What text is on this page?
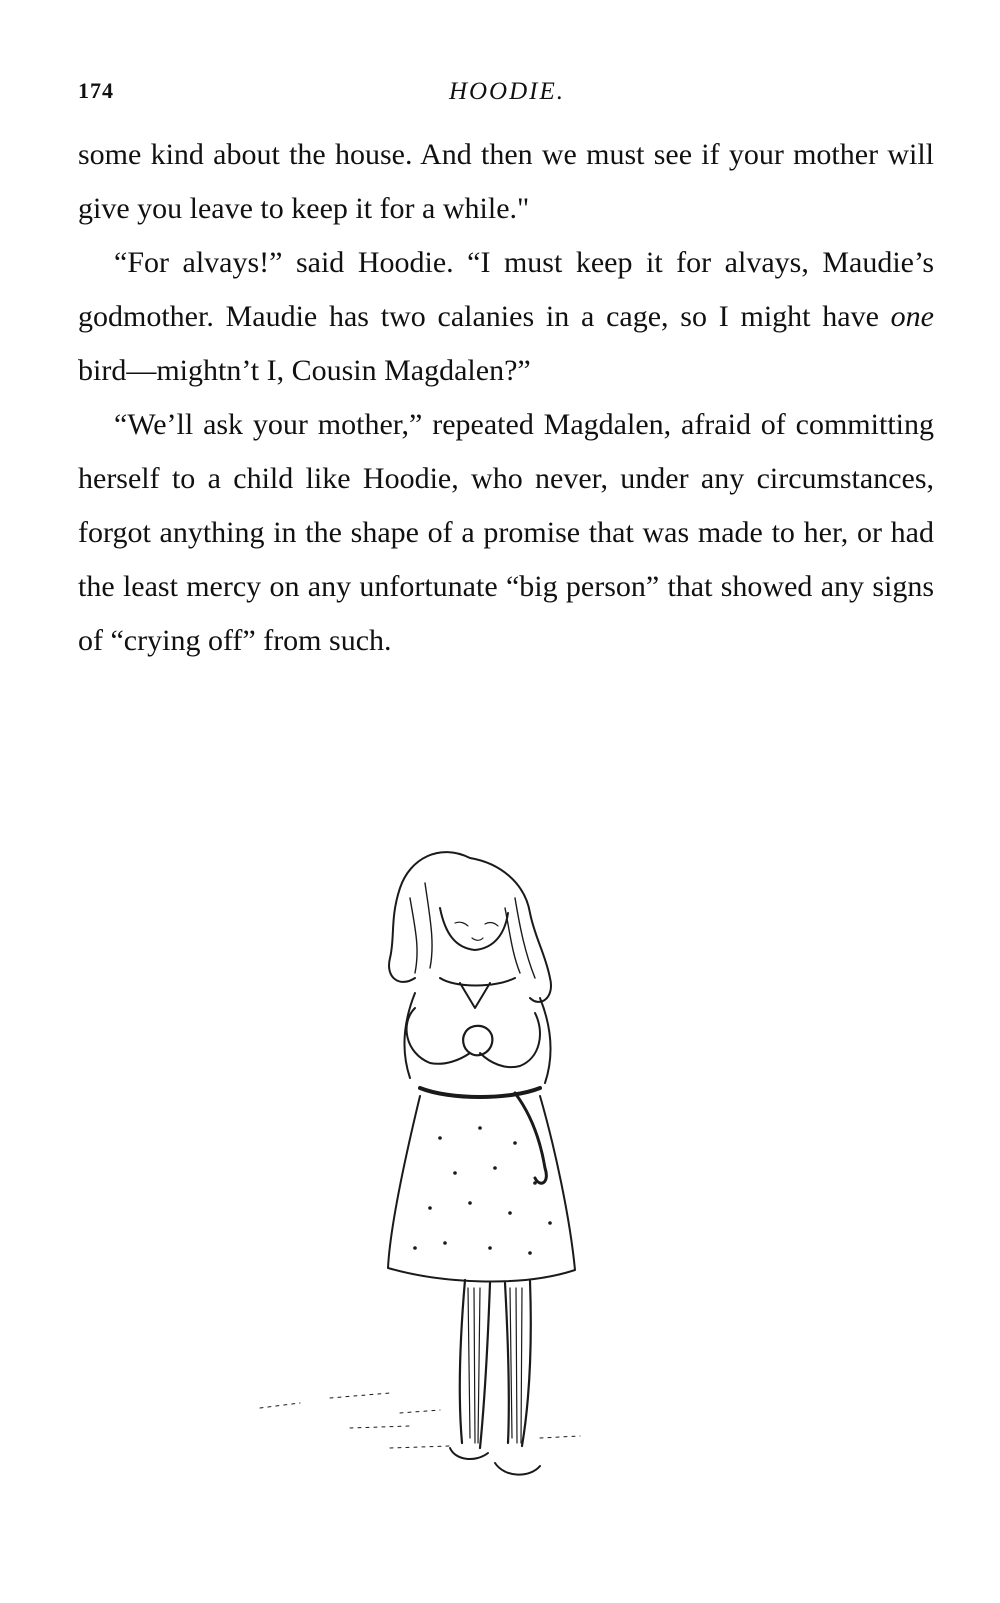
174	HOODIE.

some kind about the house. And then we must see if your mother will give you leave to keep it for a while."

“For alvays!” said Hoodie. “I must keep it for alvays, Maudie’s godmother. Maudie has two calanies in a cage, so I might have one bird—mightn’t I, Cousin Magdalen?”

“We’ll ask your mother,” repeated Magdalen, afraid of committing herself to a child like Hoodie, who never, under any circumstances, forgot anything in the shape of a promise that was made to her, or had the least mercy on any unfortunate “big person” that showed any signs of “crying off” from such.
